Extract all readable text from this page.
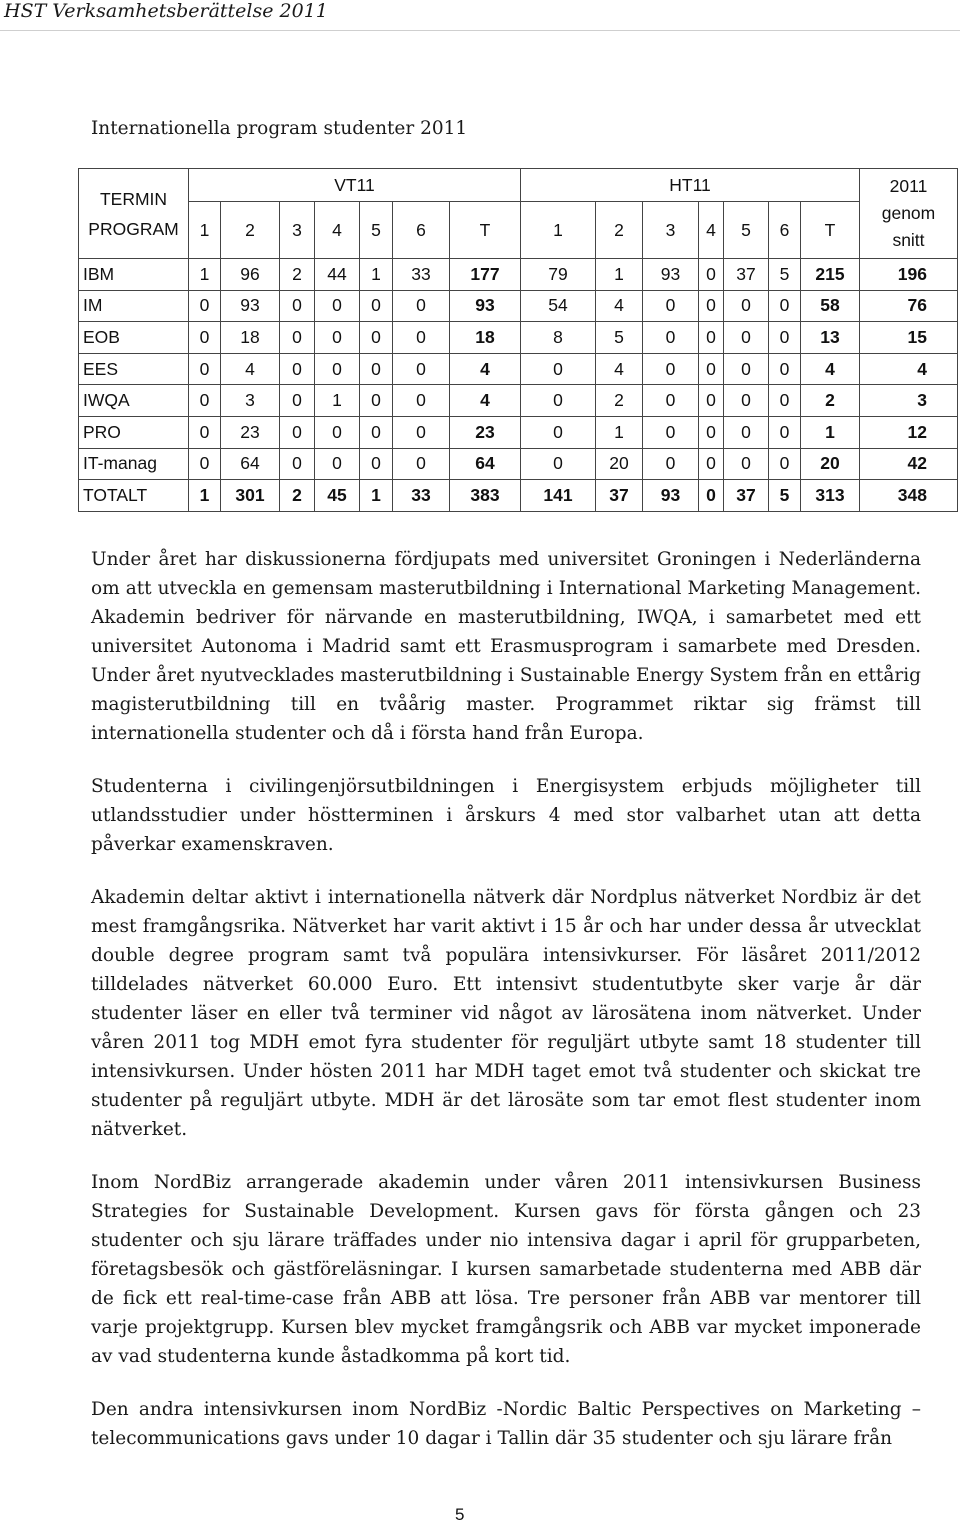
HST Verksamhetsberättelse 2011
Internationella program studenter 2011
TERMIN
PROGRAM	VT11							HT11							2011
genom
snitt

	1	2	3	4	5	6	T	1	2	3	4	5	6	T	
IBM	1	96	2	44	1	33	177	79	1	93	0	37	5	215	196
IM	0	93	0	0	0	0	93	54	4	0	0	0	0	58	76
EOB	0	18	0	0	0	0	18	8	5	0	0	0	0	13	15
EES	0	4	0	0	0	0	4	0	4	0	0	0	0	4	4
IWQA	0	3	0	1	0	0	4	0	2	0	0	0	0	2	3
PRO	0	23	0	0	0	0	23	0	1	0	0	0	0	1	12
IT-manag	0	64	0	0	0	0	64	0	20	0	0	0	0	20	42
TOTALT	1	301	2	45	1	33	383	141	37	93	0	37	5	313	348

Under året har diskussionerna fördjupats med universitet Groningen i Nederländerna om att utveckla en gemensam masterutbildning i International Marketing Management. Akademin bedriver för närvande en masterutbildning, IWQA, i samarbetet med ett universitet Autonoma i Madrid samt ett Erasmusprogram i samarbete med Dresden. Under året nyutvecklades masterutbildning i Sustainable Energy System från en ettårig magisterutbildning till en tvåårig master. Programmet riktar sig främst till internationella studenter och då i första hand från Europa.

Studenterna i civilingenjörsutbildningen i Energisystem erbjuds möjligheter till utlandsstudier under höstterminen i årskurs 4 med stor valbarhet utan att detta påverkar examenskraven.

Akademin deltar aktivt i internationella nätverk där Nordplus nätverket Nordbiz är det mest framgångsrika. Nätverket har varit aktivt i 15 år och har under dessa år utvecklat double degree program samt två populära intensivkurser. För läsåret 2011/2012 tilldelades nätverket 60.000 Euro. Ett intensivt studentutbyte sker varje år där studenter läser en eller två terminer vid något av lärosätena inom nätverket. Under våren 2011 tog MDH emot fyra studenter för reguljärt utbyte samt 18 studenter till intensivkursen. Under hösten 2011 har MDH taget emot två studenter och skickat tre studenter på reguljärt utbyte. MDH är det lärosäte som tar emot flest studenter inom nätverket.

Inom NordBiz arrangerade akademin under våren 2011 intensivkursen Business Strategies for Sustainable Development. Kursen gavs för första gången och 23 studenter och sju lärare träffades under nio intensiva dagar i april för grupparbeten, företagsbesök och gästföreläsningar. I kursen samarbetade studenterna med ABB där de fick ett real-time-case från ABB att lösa. Tre personer från ABB var mentorer till varje projektgrupp. Kursen blev mycket framgångsrik och ABB var mycket imponerade av vad studenterna kunde åstadkomma på kort tid.

Den andra intensivkursen inom NordBiz -Nordic Baltic Perspectives on Marketing – telecommunications gavs under 10 dagar i Tallin där 35 studenter och sju lärare från

5
